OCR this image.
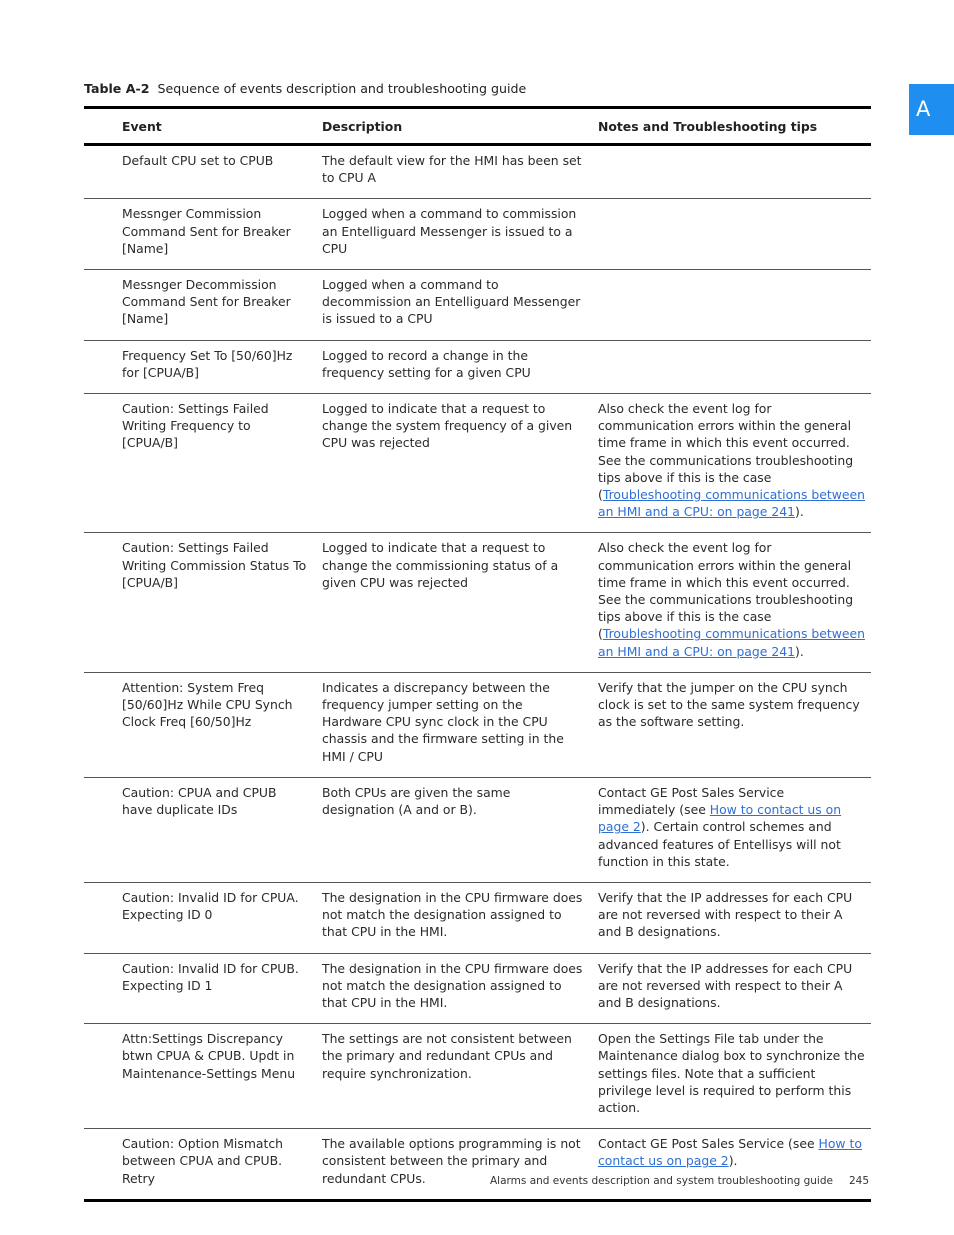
Table A-2 Sequence of events description and troubleshooting guide
A
	Event	Description	Notes and Troubleshooting tips
	Default CPU set to CPUB	The default view for the HMI has been set to CPU A	
	Messnger Commission Command Sent for Breaker [Name]	Logged when a command to commission an Entelliguard Messenger is issued to a CPU	
	Messnger Decommission Command Sent for Breaker [Name]	Logged when a command to decommission an Entelliguard Messenger is issued to a CPU	
	Frequency Set To [50/60]Hz for [CPUA/B]	Logged to record a change in the frequency setting for a given CPU	
	Caution: Settings Failed Writing Frequency to [CPUA/B]	Logged to indicate that a request to change the system frequency of a given CPU was rejected	Also check the event log for communication errors within the general time frame in which this event occurred. See the communications troubleshooting tips above if this is the case (Troubleshooting communications between an HMI and a CPU: on page 241).
	Caution: Settings Failed Writing Commission Status To [CPUA/B]	Logged to indicate that a request to change the commissioning status of a given CPU was rejected	Also check the event log for communication errors within the general time frame in which this event occurred. See the communications troubleshooting tips above if this is the case (Troubleshooting communications between an HMI and a CPU: on page 241).
	Attention: System Freq [50/60]Hz While CPU Synch Clock Freq [60/50]Hz	Indicates a discrepancy between the frequency jumper setting on the Hardware CPU sync clock in the CPU chassis and the firmware setting in the HMI / CPU	Verify that the jumper on the CPU synch clock is set to the same system frequency as the software setting.
	Caution: CPUA and CPUB have duplicate IDs	Both CPUs are given the same designation (A and or B).	Contact GE Post Sales Service immediately (see How to contact us on page 2). Certain control schemes and advanced features of Entellisys will not function in this state.
	Caution: Invalid ID for CPUA. Expecting ID 0	The designation in the CPU firmware does not match the designation assigned to that CPU in the HMI.	Verify that the IP addresses for each CPU are not reversed with respect to their A and B designations.
	Caution: Invalid ID for CPUB. Expecting ID 1	The designation in the CPU firmware does not match the designation assigned to that CPU in the HMI.	Verify that the IP addresses for each CPU are not reversed with respect to their A and B designations.
	Attn:Settings Discrepancy btwn CPUA & CPUB. Updt in Maintenance-Settings Menu	The settings are not consistent between the primary and redundant CPUs and require synchronization.	Open the Settings File tab under the Maintenance dialog box to synchronize the settings files. Note that a sufficient privilege level is required to perform this action.
	Caution: Option Mismatch between CPUA and CPUB. Retry	The available options programming is not consistent between the primary and redundant CPUs.	Contact GE Post Sales Service (see How to contact us on page 2).
Alarms and events description and system troubleshooting guide 245
